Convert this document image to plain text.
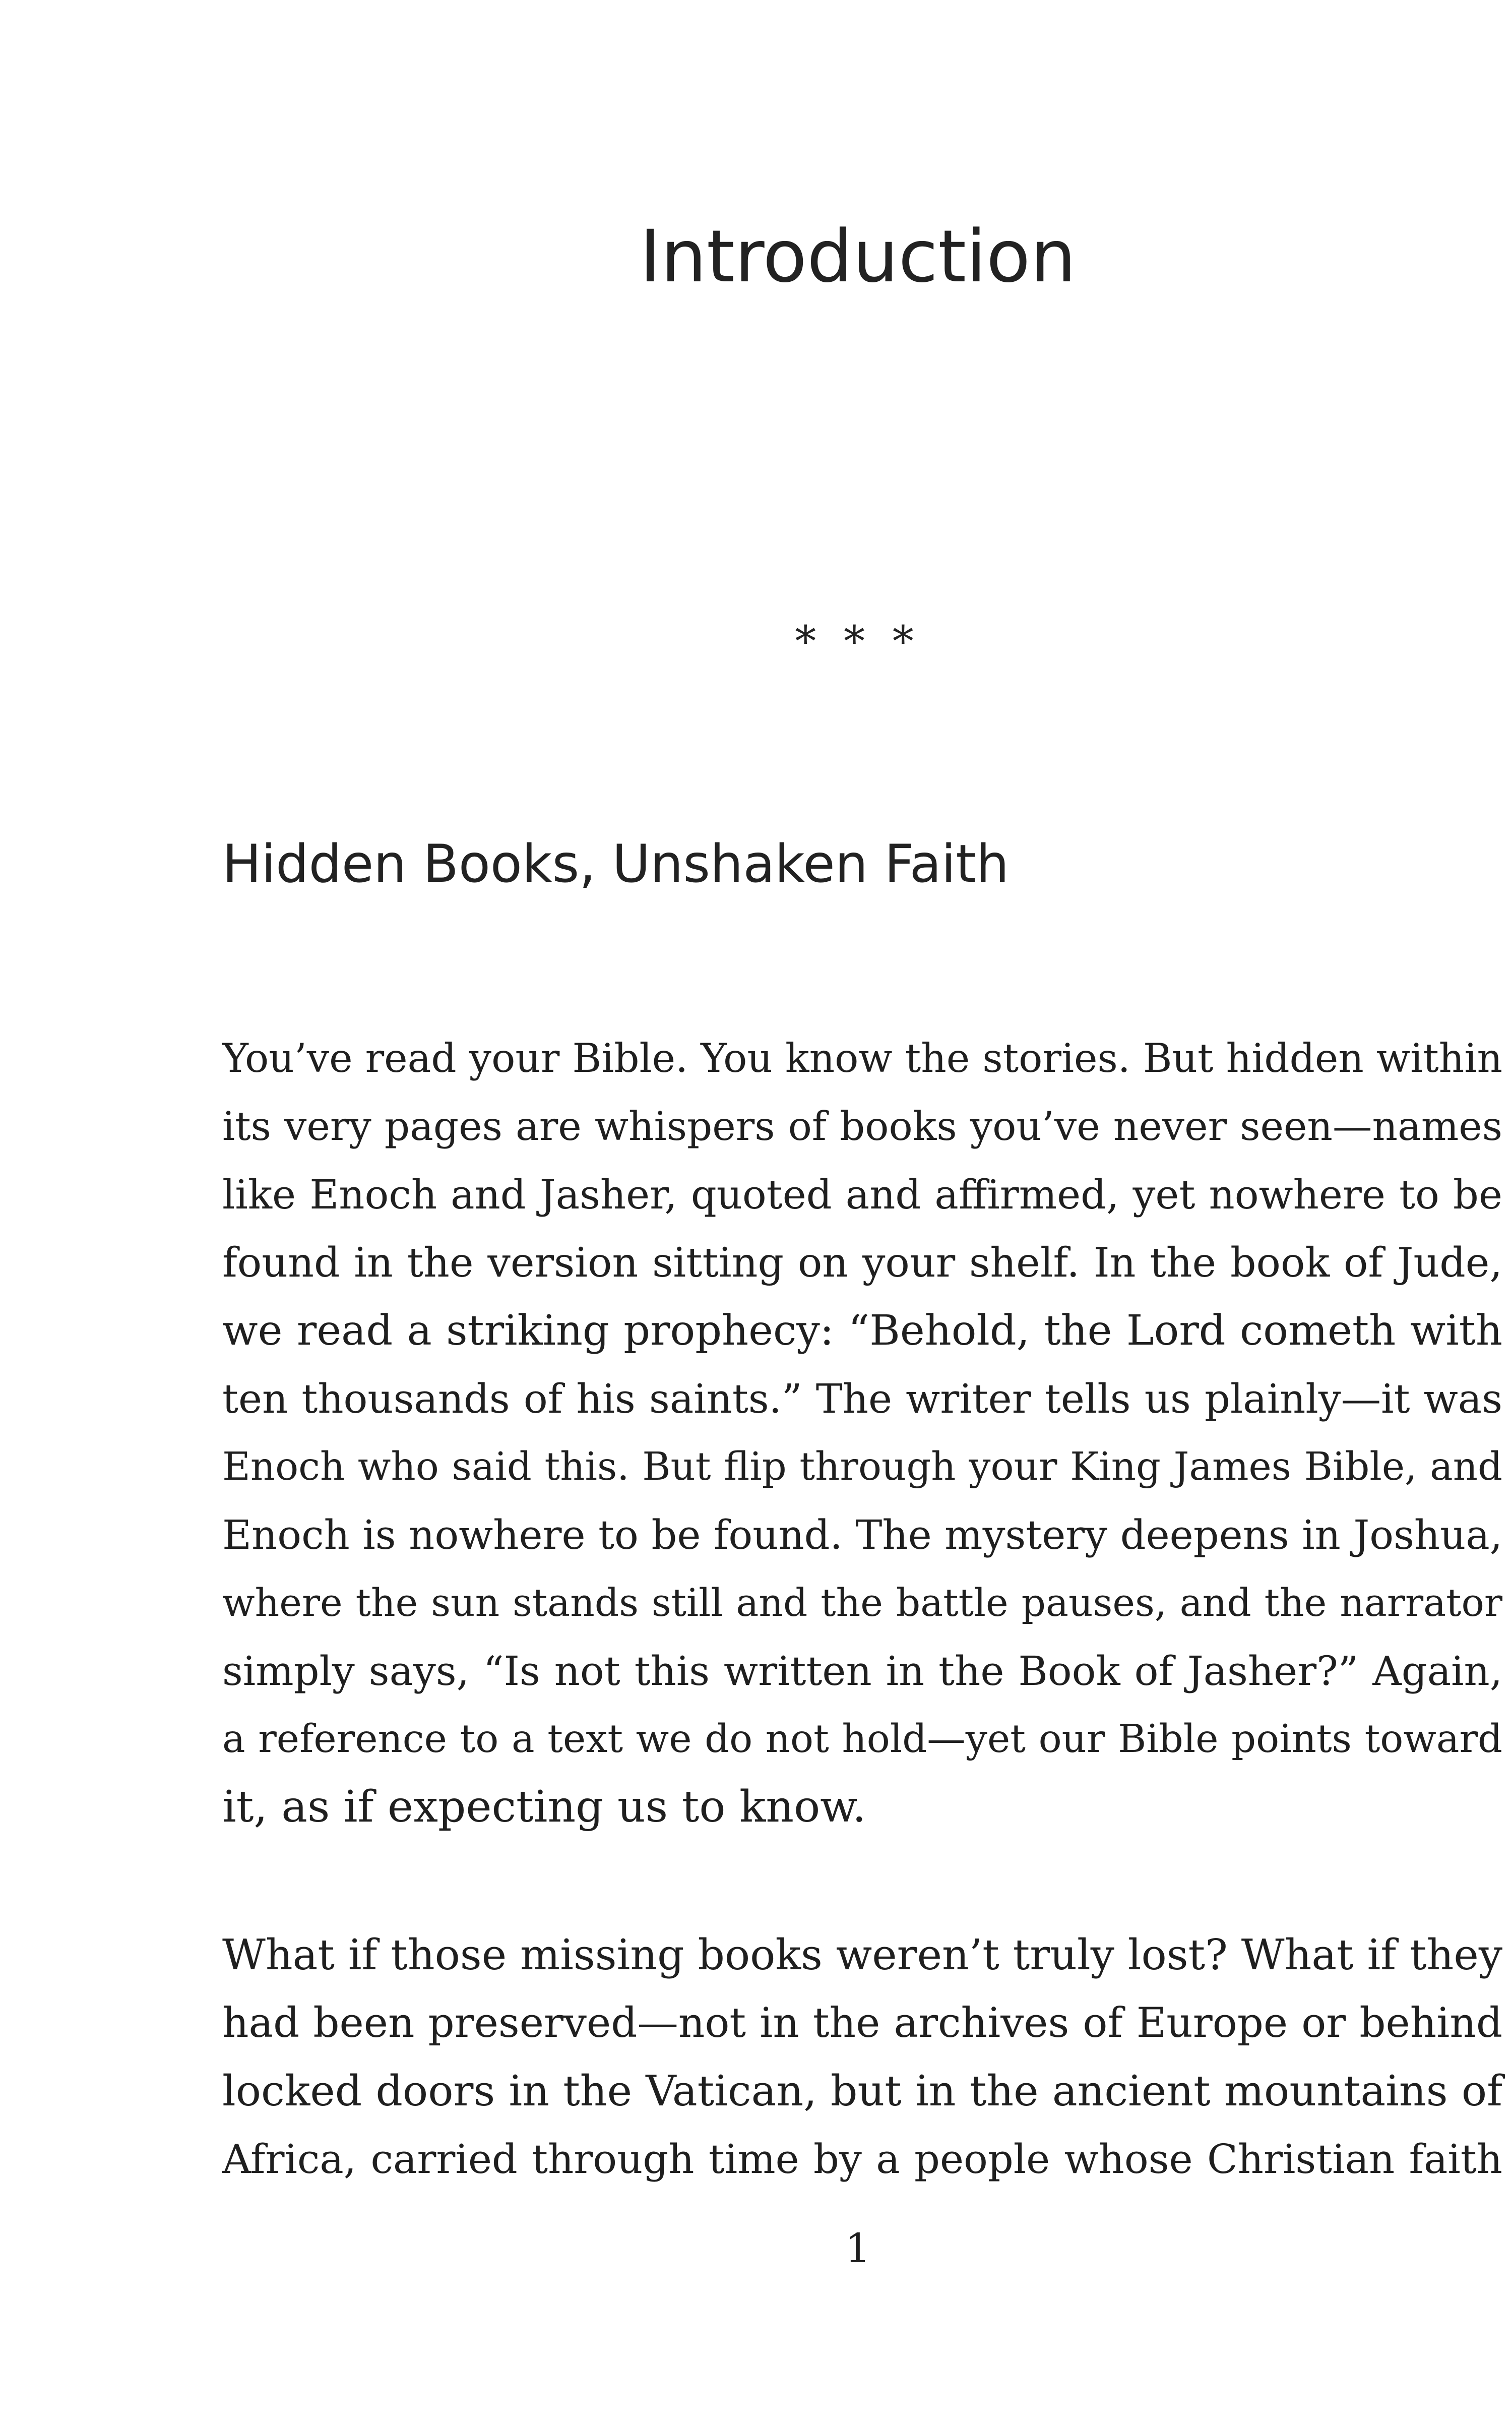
Introduction
* * *
Hidden Books, Unshaken Faith
You’ve read your Bible. You know the stories. But hidden within
its very pages are whispers of books you’ve never seen—names
like Enoch and Jasher, quoted and affirmed, yet nowhere to be
found in the version sitting on your shelf. In the book of Jude,
we read a striking prophecy: “Behold, the Lord cometh with
ten thousands of his saints.” The writer tells us plainly—it was
Enoch who said this. But flip through your King James Bible, and
Enoch is nowhere to be found. The mystery deepens in Joshua,
where the sun stands still and the battle pauses, and the narrator
simply says, “Is not this written in the Book of Jasher?” Again,
a reference to a text we do not hold—yet our Bible points toward
it, as if expecting us to know.
What if those missing books weren’t truly lost? What if they
had been preserved—not in the archives of Europe or behind
locked doors in the Vatican, but in the ancient mountains of
Africa, carried through time by a people whose Christian faith
1
